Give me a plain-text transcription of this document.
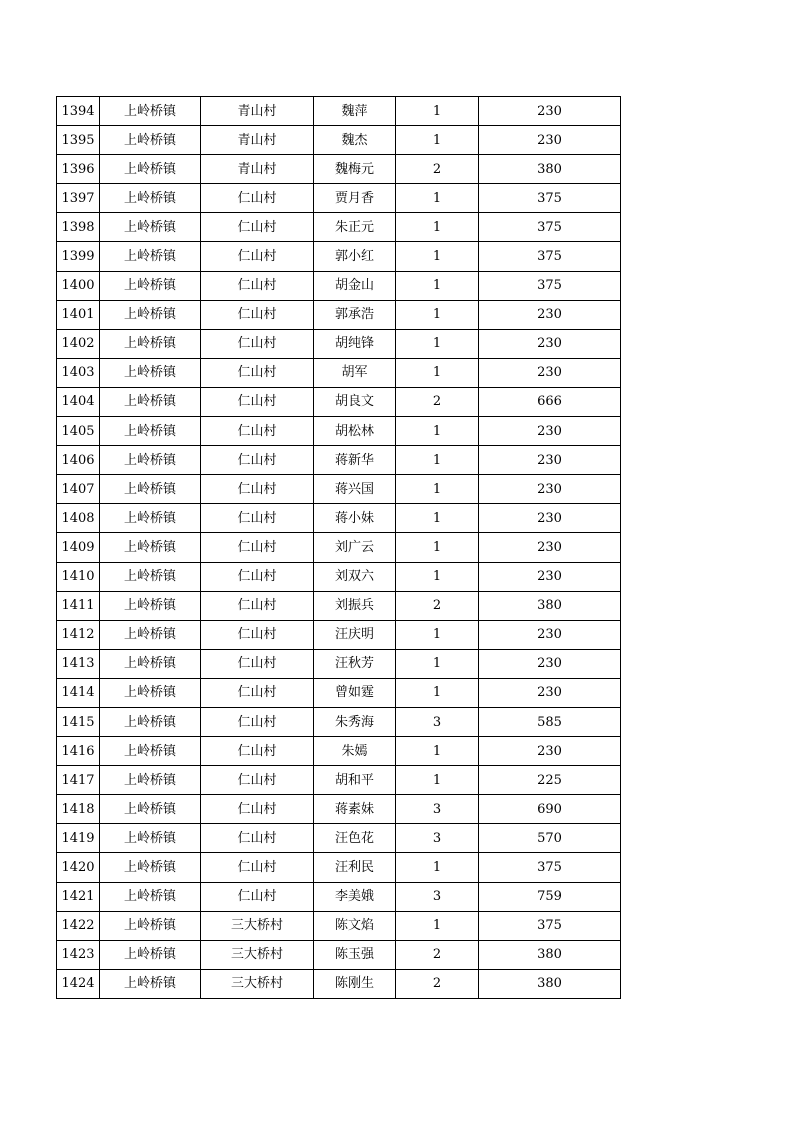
1394	上岭桥镇	青山村	魏萍	1	230
1395	上岭桥镇	青山村	魏杰	1	230
1396	上岭桥镇	青山村	魏梅元	2	380
1397	上岭桥镇	仁山村	贾月香	1	375
1398	上岭桥镇	仁山村	朱正元	1	375
1399	上岭桥镇	仁山村	郭小红	1	375
1400	上岭桥镇	仁山村	胡金山	1	375
1401	上岭桥镇	仁山村	郭承浩	1	230
1402	上岭桥镇	仁山村	胡纯锋	1	230
1403	上岭桥镇	仁山村	胡军	1	230
1404	上岭桥镇	仁山村	胡良文	2	666
1405	上岭桥镇	仁山村	胡松林	1	230
1406	上岭桥镇	仁山村	蒋新华	1	230
1407	上岭桥镇	仁山村	蒋兴国	1	230
1408	上岭桥镇	仁山村	蒋小妹	1	230
1409	上岭桥镇	仁山村	刘广云	1	230
1410	上岭桥镇	仁山村	刘双六	1	230
1411	上岭桥镇	仁山村	刘振兵	2	380
1412	上岭桥镇	仁山村	汪庆明	1	230
1413	上岭桥镇	仁山村	汪秋芳	1	230
1414	上岭桥镇	仁山村	曾如霆	1	230
1415	上岭桥镇	仁山村	朱秀海	3	585
1416	上岭桥镇	仁山村	朱嫣	1	230
1417	上岭桥镇	仁山村	胡和平	1	225
1418	上岭桥镇	仁山村	蒋素妹	3	690
1419	上岭桥镇	仁山村	汪色花	3	570
1420	上岭桥镇	仁山村	汪利民	1	375
1421	上岭桥镇	仁山村	李美娥	3	759
1422	上岭桥镇	三大桥村	陈文焰	1	375
1423	上岭桥镇	三大桥村	陈玉强	2	380
1424	上岭桥镇	三大桥村	陈刚生	2	380
